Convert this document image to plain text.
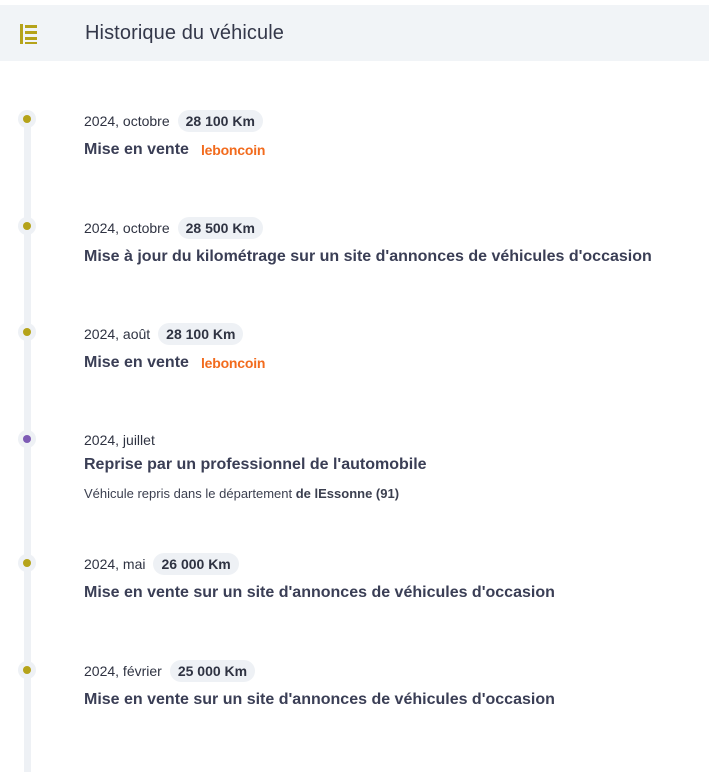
Historique du véhicule
2024, octobre	28 100 Km
Mise en vente leboncoin
2024, octobre	28 500 Km
Mise à jour du kilométrage sur un site d'annonces de véhicules d'occasion
2024, août	28 100 Km
Mise en vente leboncoin
2024, juillet
Reprise par un professionnel de l'automobile
Véhicule repris dans le département de lEssonne (91)
2024, mai	26 000 Km
Mise en vente sur un site d'annonces de véhicules d'occasion
2024, février	25 000 Km
Mise en vente sur un site d'annonces de véhicules d'occasion
